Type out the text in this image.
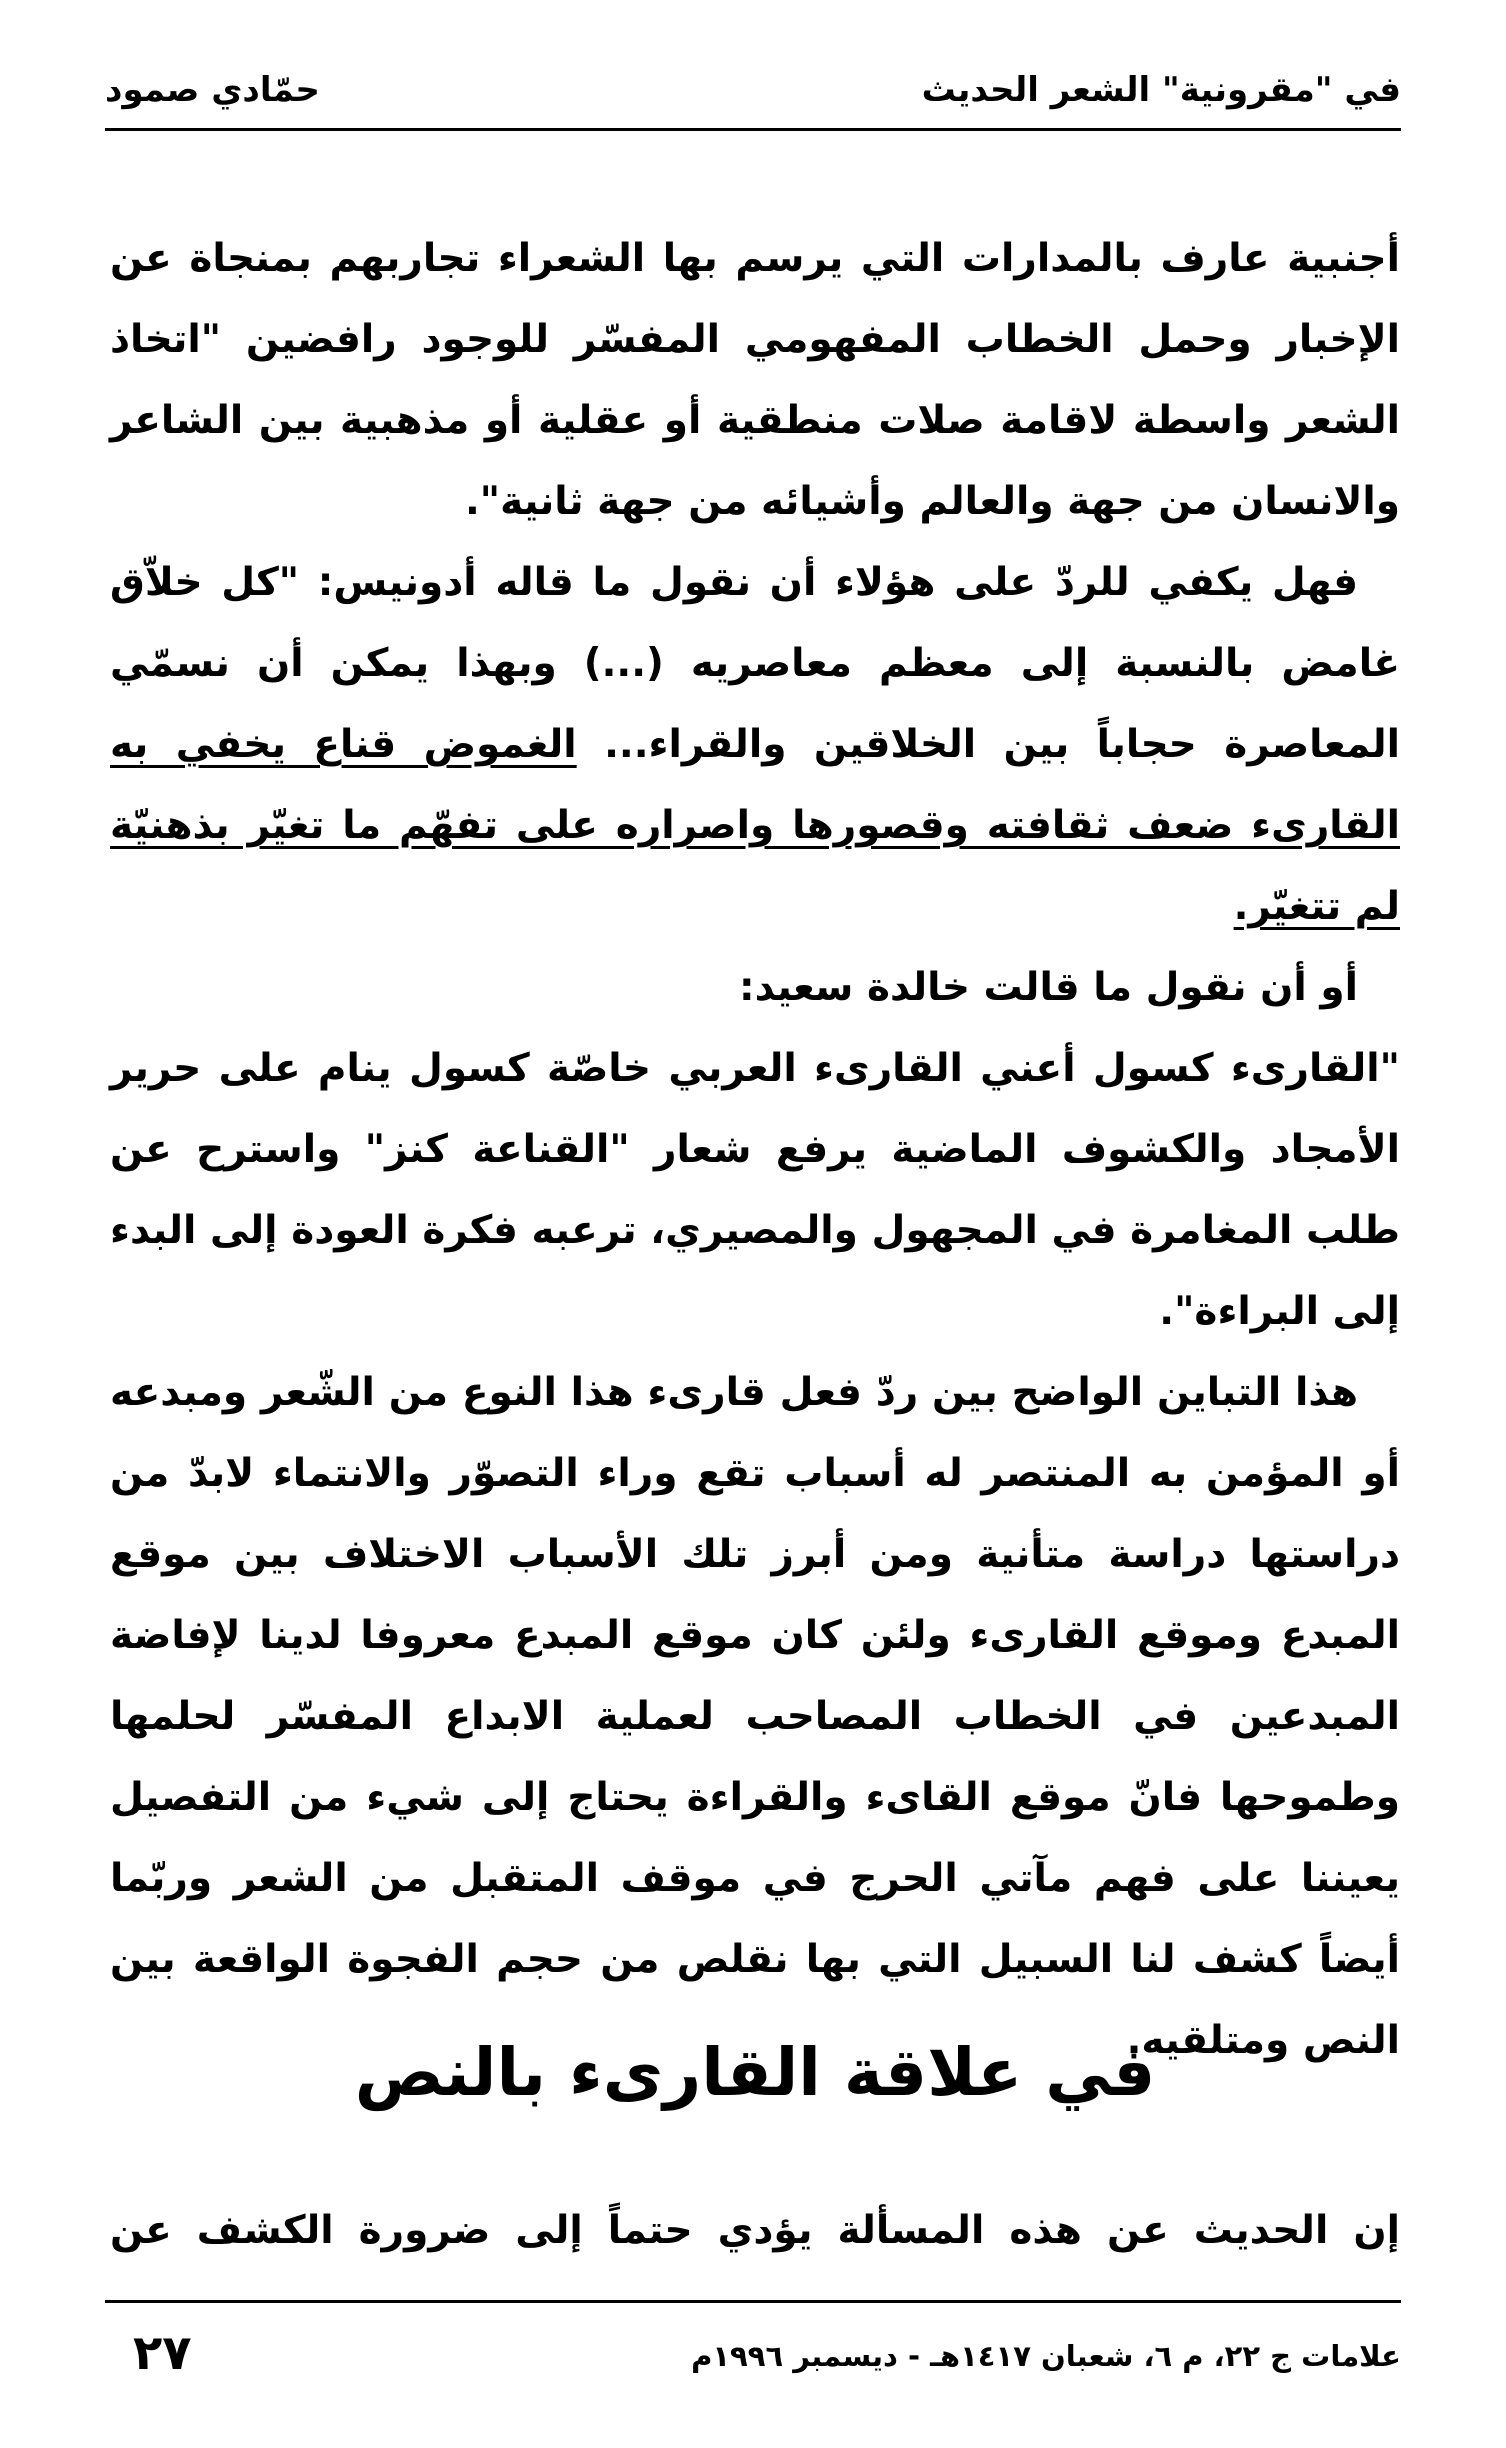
في "مقرونية" الشعر الحديث
حمّادي صمود

أجنبية عارف بالمدارات التي يرسم بها الشعراء تجاربهم بمنجاة عن الإخبار وحمل الخطاب المفهومي المفسّر للوجود رافضين "اتخاذ الشعر واسطة لاقامة صلات منطقية أو عقلية أو مذهبية بين الشاعر والانسان من جهة والعالم وأشيائه من جهة ثانية".

فهل يكفي للردّ على هؤلاء أن نقول ما قاله أدونيس: "كل خلاّق غامض بالنسبة إلى معظم معاصريه (...) وبهذا يمكن أن نسمّي المعاصرة حجاباً بين الخلاقين والقراء... الغموض قناع يخفي به القارىء ضعف ثقافته وقصورها واصراره على تفهّم ما تغيّر بذهنيّة لم تتغيّر.

أو أن نقول ما قالت خالدة سعيد:

"القارىء كسول أعني القارىء العربي خاصّة كسول ينام على حرير الأمجاد والكشوف الماضية يرفع شعار "القناعة كنز" واسترح عن طلب المغامرة في المجهول والمصيري، ترعبه فكرة العودة إلى البدء إلى البراءة".

هذا التباين الواضح بين ردّ فعل قارىء هذا النوع من الشّعر ومبدعه أو المؤمن به المنتصر له أسباب تقع وراء التصوّر والانتماء لابدّ من دراستها دراسة متأنية ومن أبرز تلك الأسباب الاختلاف بين موقع المبدع وموقع القارىء ولئن كان موقع المبدع معروفا لدينا لإفاضة المبدعين في الخطاب المصاحب لعملية الابداع المفسّر لحلمها وطموحها فانّ موقع القاىء والقراءة يحتاج إلى شيء من التفصيل يعيننا على فهم مآتي الحرج في موقف المتقبل من الشعر وربّما أيضاً كشف لنا السبيل التي بها نقلص من حجم الفجوة الواقعة بين النص ومتلقيه.

في علاقة القارىء بالنص
إن الحديث عن هذه المسألة يؤدي حتماً إلى ضرورة الكشف عن
علامات ج ٢٢، م ٦، شعبان ١٤١٧هـ - ديسمبر ١٩٩٦م
٢٧
